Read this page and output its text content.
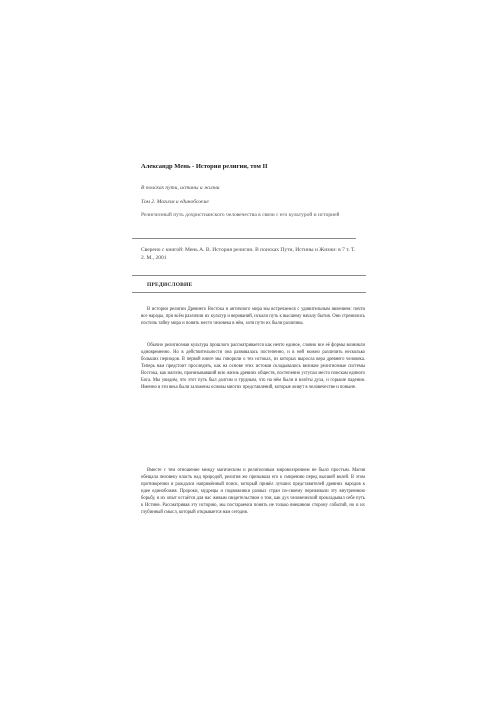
Александр Мень - История религии, том II
В поисках пути, истины и жизни
Том 2. Магизм и единобожие
Религиозный путь дохристианского человечества в связи с его культурой и историей
Сверено с книгой: Мень А. В. История религии. В поисках Пути, Истины и Жизни: в 7 т. Т. 2. М., 2001
ПРЕДИСЛОВИЕ
В истории религии Древнего Востока и античного мира мы встречаемся с удивительным явлением: почти все народы, при всём различии их культур и верований, искали путь к высшему началу бытия. Они стремились постичь тайну мира и понять место человека в нём, хотя пути их были различны.
Обычно религиозная культура прошлого рассматривается как нечто единое, словно все её формы возникли одновременно. Но в действительности она развивалась постепенно, и в ней можно различить несколько больших периодов. В первой книге мы говорили о тех истоках, из которых выросла вера древнего человека. Теперь нам предстоит проследить, как на основе этих истоков складывались великие религиозные системы Востока, как магизм, пронизывавший всю жизнь древних обществ, постепенно уступал место поискам единого Бога. Мы увидим, что этот путь был долгим и трудным, что на нём были и взлёты духа, и горькие падения. Именно в эти века были заложены основы многих представлений, которые живут в человечестве и поныне.
Вместе с тем отношение между магическим и религиозным мировоззрением не было простым. Магия обещала человеку власть над природой, религия же призывала его к смирению перед высшей волей. В этом противоречии и рождался напряжённый поиск, который привёл лучших представителей древних народов к идее единобожия. Пророки, мудрецы и подвижники разных стран по-своему переживали эту внутреннюю борьбу, и их опыт остаётся для нас живым свидетельством о том, как дух человеческий прокладывал себе путь к Истине. Рассматривая эту историю, мы постараемся понять не только внешнюю сторону событий, но и их глубинный смысл, который открывается нам сегодня.
